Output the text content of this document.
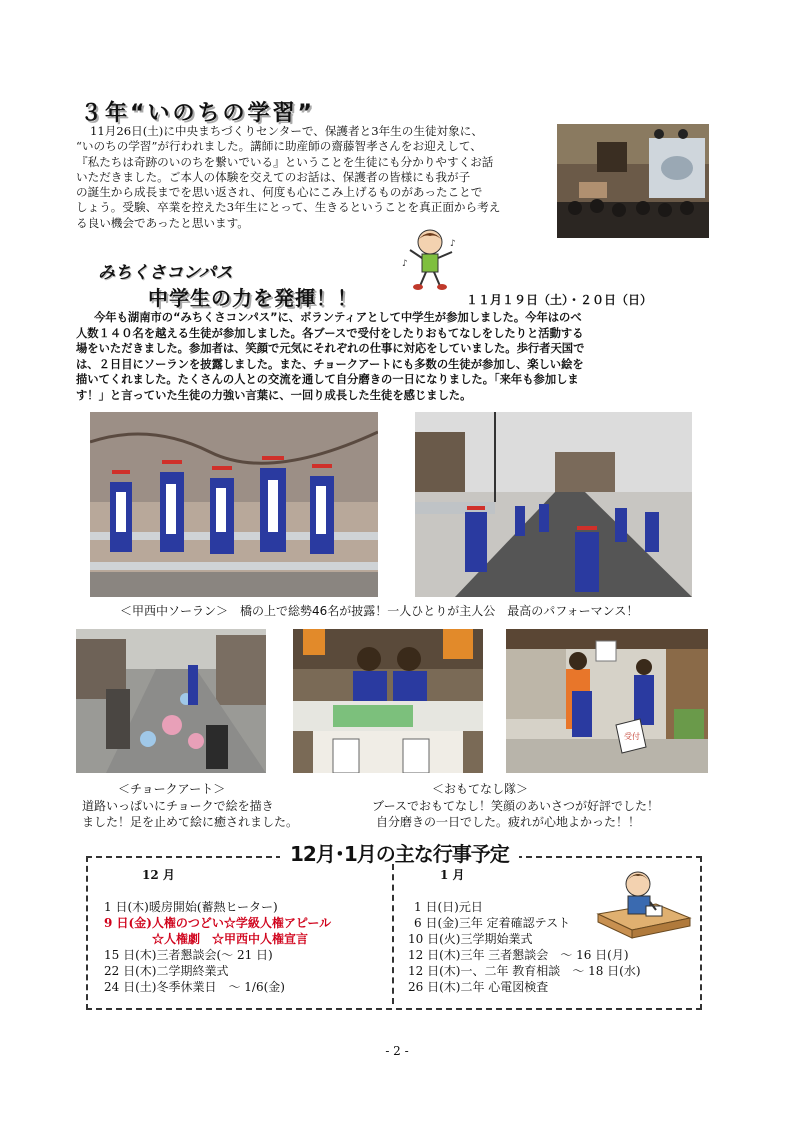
３年“いのちの学習”
11月26日(土)に中央まちづくりセンターで、保護者と3年生の生徒対象に、
“いのちの学習”が行われました。講師に助産師の齋藤智孝さんをお迎えして、
『私たちは奇跡のいのちを繋いでいる』ということを生徒にも分かりやすくお話
いただきました。ご本人の体験を交えてのお話は、保護者の皆様にも我が子
の誕生から成長までを思い返され、何度も心にこみ上げるものがあったことで
しょう。受験、卒業を控えた3年生にとって、生きるということを真正面から考え
る良い機会であったと思います。
♪
♪
みちくさコンパス
中学生の力を発揮！！	１１月１９日（土）・２０日（日）
今年も湖南市の“みちくさコンパス”に、ボランティアとして中学生が参加しました。今年はのべ
人数１４０名を越える生徒が参加しました。各ブースで受付をしたりおもてなしをしたりと活動する
場をいただきました。参加者は、笑顔で元気にそれぞれの仕事に対応をしていました。歩行者天国で
は、２日目にソーランを披露しました。また、チョークアートにも多数の生徒が参加し、楽しい絵を
描いてくれました。たくさんの人との交流を通して自分磨きの一日になりました。「来年も参加しま
す！」と言っていた生徒の力強い言葉に、一回り成長した生徒を感じました。
＜甲西中ソーラン＞　橋の上で総勢46名が披露！一人ひとりが主人公　最高のパフォーマンス！
受付
＜チョークアート＞
道路いっぱいにチョークで絵を描き
ました！足を止めて絵に癒されました。
＜おもてなし隊＞
ブースでおもてなし！笑顔のあいさつが好評でした！
自分磨きの一日でした。疲れが心地よかった！！
12月･1月の主な行事予定
12 月	1 月
1 日(木)暖房開始(蓄熱ヒーター)
9 日(金)人権のつどい☆学級人権アピール
☆人権劇　☆甲西中人権宣言
15 日(木)三者懇談会(～ 21 日)
22 日(木)二学期終業式
24 日(土)冬季休業日　～ 1/6(金)
1 日(日)元日
6 日(金)三年 定着確認テスト
10 日(火)三学期始業式
12 日(木)三年 三者懇談会　～ 16 日(月)
12 日(木)一、二年 教育相談　～ 18 日(水)
26 日(木)二年 心電図検査
- 2 -
